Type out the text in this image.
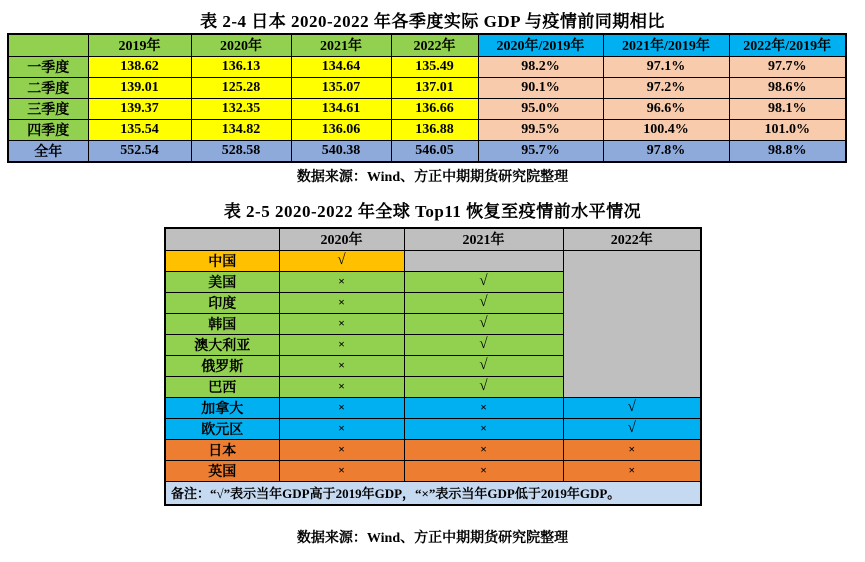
表 2-4 日本 2020-2022 年各季度实际 GDP 与疫情前同期相比
	2019年	2020年	2021年	2022年	2020年/2019年	2021年/2019年	2022年/2019年
一季度	138.62	136.13	134.64	135.49	98.2%	97.1%	97.7%
二季度	139.01	125.28	135.07	137.01	90.1%	97.2%	98.6%
三季度	139.37	132.35	134.61	136.66	95.0%	96.6%	98.1%
四季度	135.54	134.82	136.06	136.88	99.5%	100.4%	101.0%
全年	552.54	528.58	540.38	546.05	95.7%	97.8%	98.8%
数据来源：Wind、方正中期期货研究院整理
表 2-5 2020-2022 年全球 Top11 恢复至疫情前水平情况
	2020年	2021年	2022年
中国	√		
美国	×	√	
印度	×	√	
韩国	×	√	
澳大利亚	×	√	
俄罗斯	×	√	
巴西	×	√	
加拿大	×	×	√
欧元区	×	×	√
日本	×	×	×
英国	×	×	×
备注：“√”表示当年GDP高于2019年GDP，“×”表示当年GDP低于2019年GDP。			
数据来源：Wind、方正中期期货研究院整理
